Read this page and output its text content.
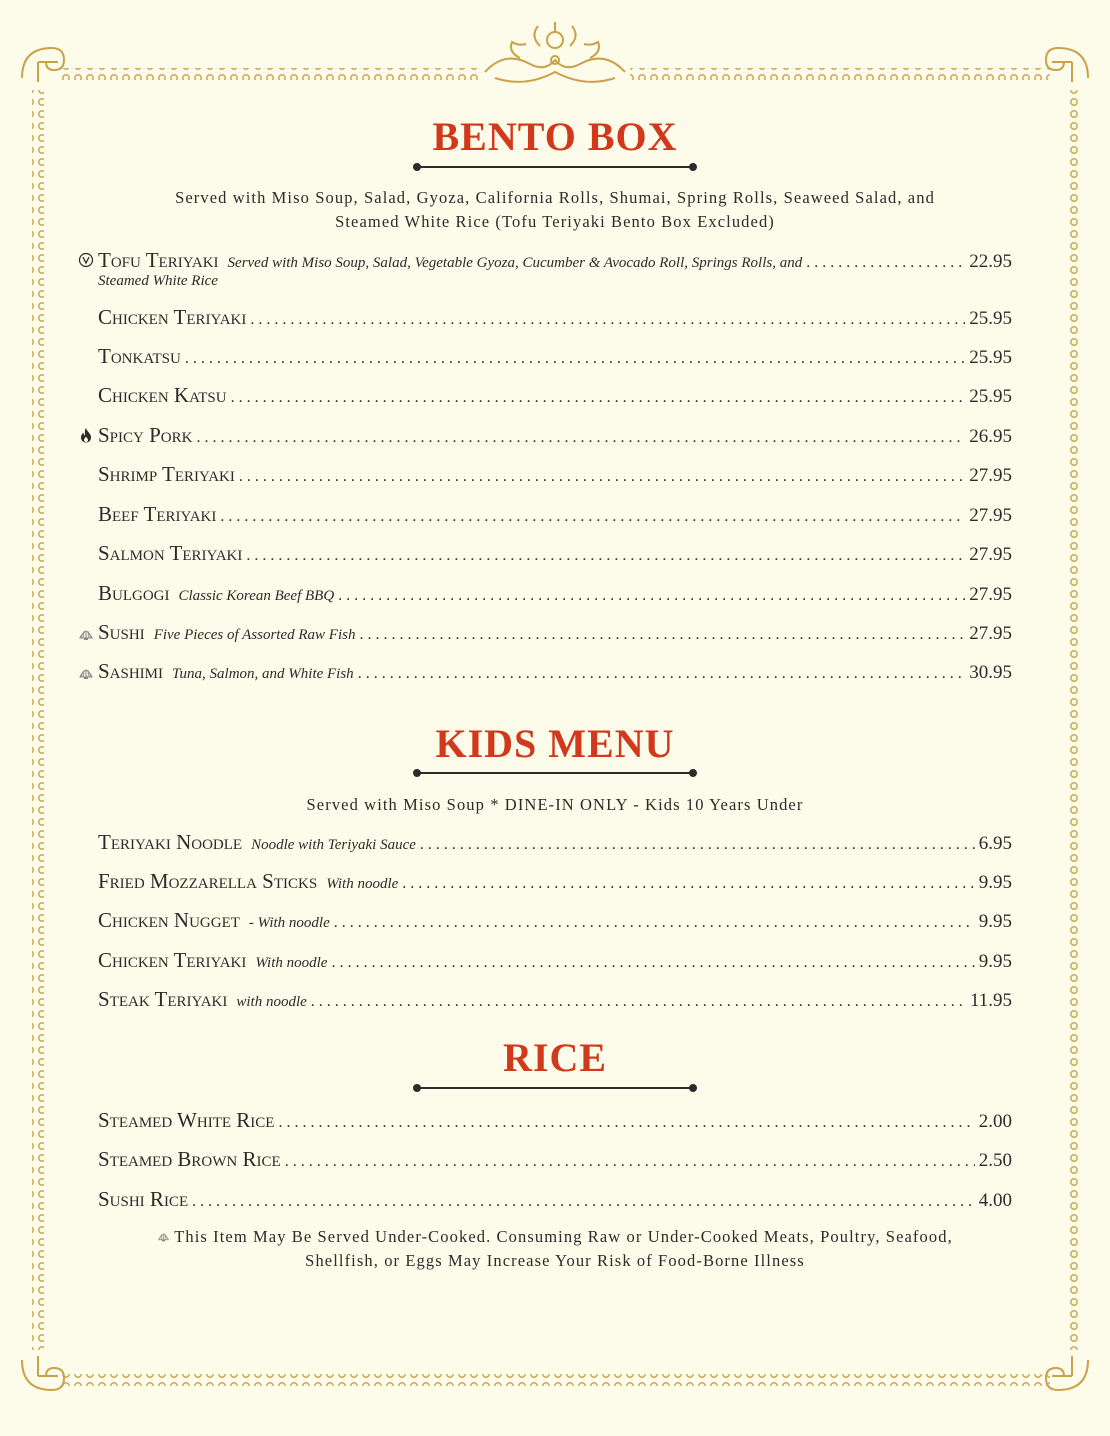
BENTO BOX
Served with Miso Soup, Salad, Gyoza, California Rolls, Shumai, Spring Rolls, Seaweed Salad, and
Steamed White Rice (Tofu Teriyaki Bento Box Excluded)
Tofu Teriyaki Served with Miso Soup, Salad, Vegetable Gyoza, Cucumber & Avocado Roll, Springs Rolls, and . . .	22.95
Steamed White Rice
Chicken Teriyaki . . .	25.95
Tonkatsu . . .	25.95
Chicken Katsu . . .	25.95
Spicy Pork . . .	26.95
Shrimp Teriyaki . . .	27.95
Beef Teriyaki . . .	27.95
Salmon Teriyaki . . .	27.95
Bulgogi Classic Korean Beef BBQ . . .	27.95
Sushi Five Pieces of Assorted Raw Fish . . .	27.95
Sashimi Tuna, Salmon, and White Fish . . .	30.95
KIDS MENU
Served with Miso Soup * DINE-IN ONLY - Kids 10 Years Under
Teriyaki Noodle Noodle with Teriyaki Sauce . . .	6.95
Fried Mozzarella Sticks With noodle . . .	9.95
Chicken Nugget - With noodle . . .	9.95
Chicken Teriyaki With noodle . . .	9.95
Steak Teriyaki with noodle . . .	11.95
RICE
Steamed White Rice . . .	2.00
Steamed Brown Rice . . .	2.50
Sushi Rice . . .	4.00
This Item May Be Served Under-Cooked. Consuming Raw or Under-Cooked Meats, Poultry, Seafood,
Shellfish, or Eggs May Increase Your Risk of Food-Borne Illness
